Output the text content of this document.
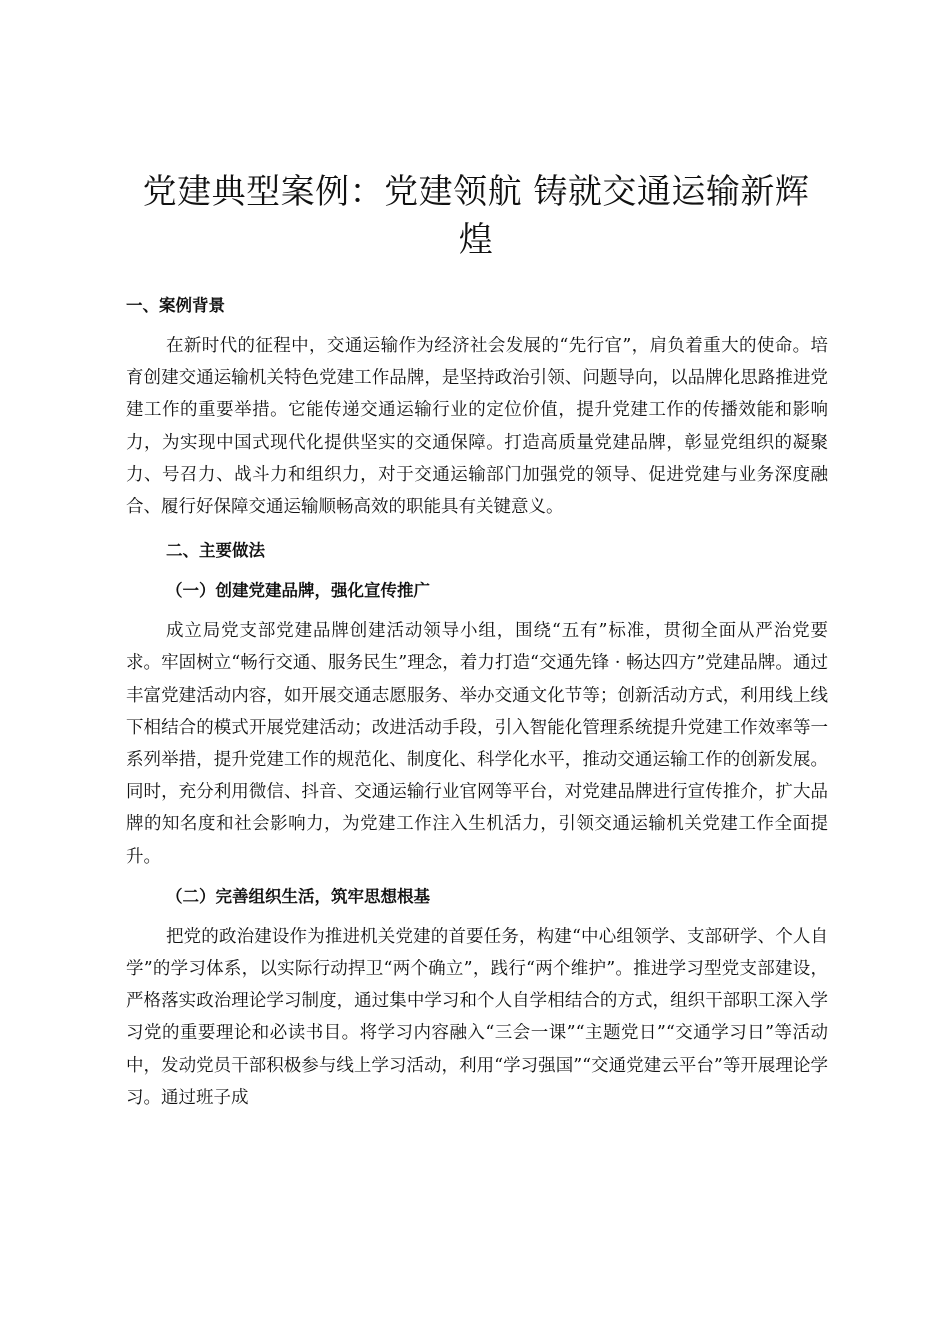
党建典型案例：党建领航 铸就交通运输新辉煌
一、案例背景

在新时代的征程中，交通运输作为经济社会发展的“先行官”，肩负着重大的使命。培育创建交通运输机关特色党建工作品牌，是坚持政治引领、问题导向，以品牌化思路推进党建工作的重要举措。它能传递交通运输行业的定位价值，提升党建工作的传播效能和影响力，为实现中国式现代化提供坚实的交通保障。打造高质量党建品牌，彰显党组织的凝聚力、号召力、战斗力和组织力，对于交通运输部门加强党的领导、促进党建与业务深度融合、履行好保障交通运输顺畅高效的职能具有关键意义。

二、主要做法
（一）创建党建品牌，强化宣传推广

成立局党支部党建品牌创建活动领导小组，围绕“五有”标准，贯彻全面从严治党要求。牢固树立“畅行交通、服务民生”理念，着力打造“交通先锋 · 畅达四方”党建品牌。通过丰富党建活动内容，如开展交通志愿服务、举办交通文化节等；创新活动方式，利用线上线下相结合的模式开展党建活动；改进活动手段，引入智能化管理系统提升党建工作效率等一系列举措，提升党建工作的规范化、制度化、科学化水平，推动交通运输工作的创新发展。同时，充分利用微信、抖音、交通运输行业官网等平台，对党建品牌进行宣传推介，扩大品牌的知名度和社会影响力，为党建工作注入生机活力，引领交通运输机关党建工作全面提升。

（二）完善组织生活，筑牢思想根基

把党的政治建设作为推进机关党建的首要任务，构建“中心组领学、支部研学、个人自学”的学习体系，以实际行动捍卫“两个确立”，践行“两个维护”。推进学习型党支部建设，严格落实政治理论学习制度，通过集中学习和个人自学相结合的方式，组织干部职工深入学习党的重要理论和必读书目。将学习内容融入“三会一课”“主题党日”“交通学习日”等活动中，发动党员干部积极参与线上学习活动，利用“学习强国”“交通党建云平台”等开展理论学习。通过班子成
